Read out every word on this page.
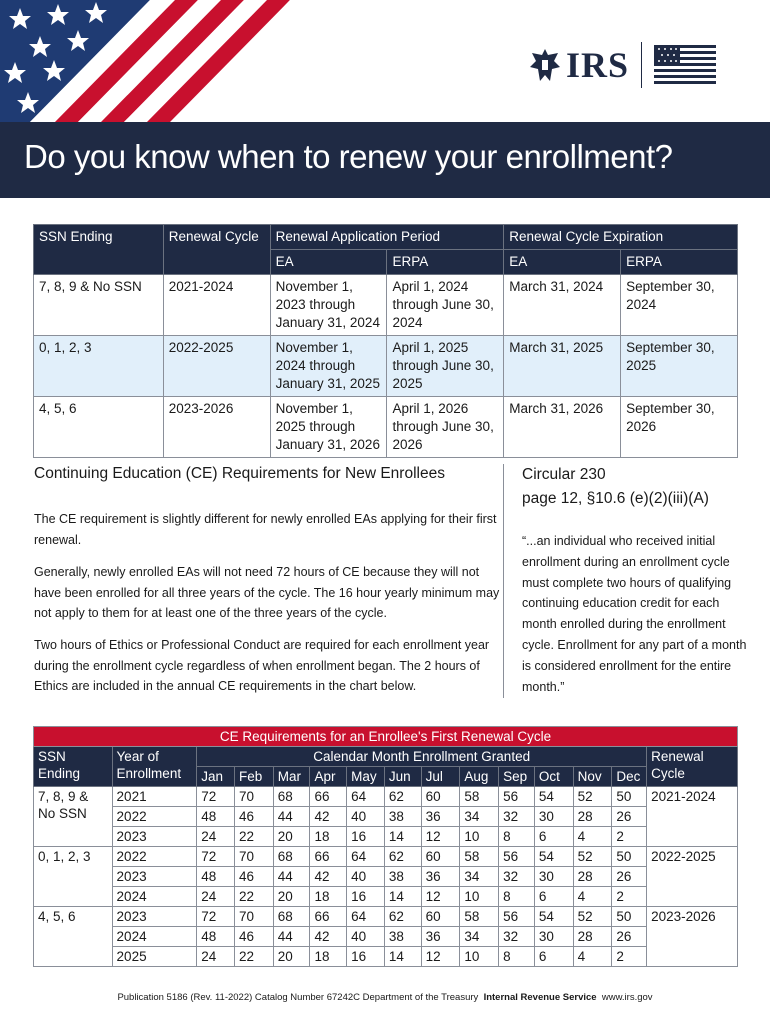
IRS
Do you know when to renew your enrollment?
SSN Ending	Renewal Cycle	Renewal Application Period		Renewal Cycle Expiration	
		EA	ERPA	EA	ERPA
7, 8, 9 & No SSN	2021-2024	November 1,
2023 through
January 31, 2024	April 1, 2024
through June 30,
2024	March 31, 2024	September 30,
2024
0, 1, 2, 3	2022-2025	November 1,
2024 through
January 31, 2025	April 1, 2025
through June 30,
2025	March 31, 2025	September 30,
2025
4, 5, 6	2023-2026	November 1,
2025 through
January 31, 2026	April 1, 2026
through June 30,
2026	March 31, 2026	September 30,
2026
Continuing Education (CE) Requirements for New Enrollees

The CE requirement is slightly different for newly enrolled EAs applying for their first renewal.

Generally, newly enrolled EAs will not need 72 hours of CE because they will not have been enrolled for all three years of the cycle. The 16 hour yearly minimum may not apply to them for at least one of the three years of the cycle.

Two hours of Ethics or Professional Conduct are required for each enrollment year during the enrollment cycle regardless of when enrollment began. The 2 hours of Ethics are included in the annual CE requirements in the chart below.

Circular 230
page 12, §10.6 (e)(2)(iii)(A)

“...an individual who received initial enrollment during an enrollment cycle must complete two hours of qualifying continuing education credit for each month enrolled during the enrollment cycle. Enrollment for any part of a month is considered enrollment for the entire month.”

CE Requirements for an Enrollee's First Renewal Cycle														
SSN
Ending	Year of
Enrollment	Calendar Month Enrollment Granted												Renewal
Cycle
		Jan	Feb	Mar	Apr	May	Jun	Jul	Aug	Sep	Oct	Nov	Dec	
7, 8, 9 &
No SSN	2021	72	70	68	66	64	62	60	58	56	54	52	50	2021-2024
	2022	48	46	44	42	40	38	36	34	32	30	28	26	
	2023	24	22	20	18	16	14	12	10	8	6	4	2	
0, 1, 2, 3	2022	72	70	68	66	64	62	60	58	56	54	52	50	2022-2025
	2023	48	46	44	42	40	38	36	34	32	30	28	26	
	2024	24	22	20	18	16	14	12	10	8	6	4	2	
4, 5, 6	2023	72	70	68	66	64	62	60	58	56	54	52	50	2023-2026
	2024	48	46	44	42	40	38	36	34	32	30	28	26	
	2025	24	22	20	18	16	14	12	10	8	6	4	2	
Publication 5186 (Rev. 11-2022) Catalog Number 67242C Department of the Treasury Internal Revenue Service www.irs.gov
